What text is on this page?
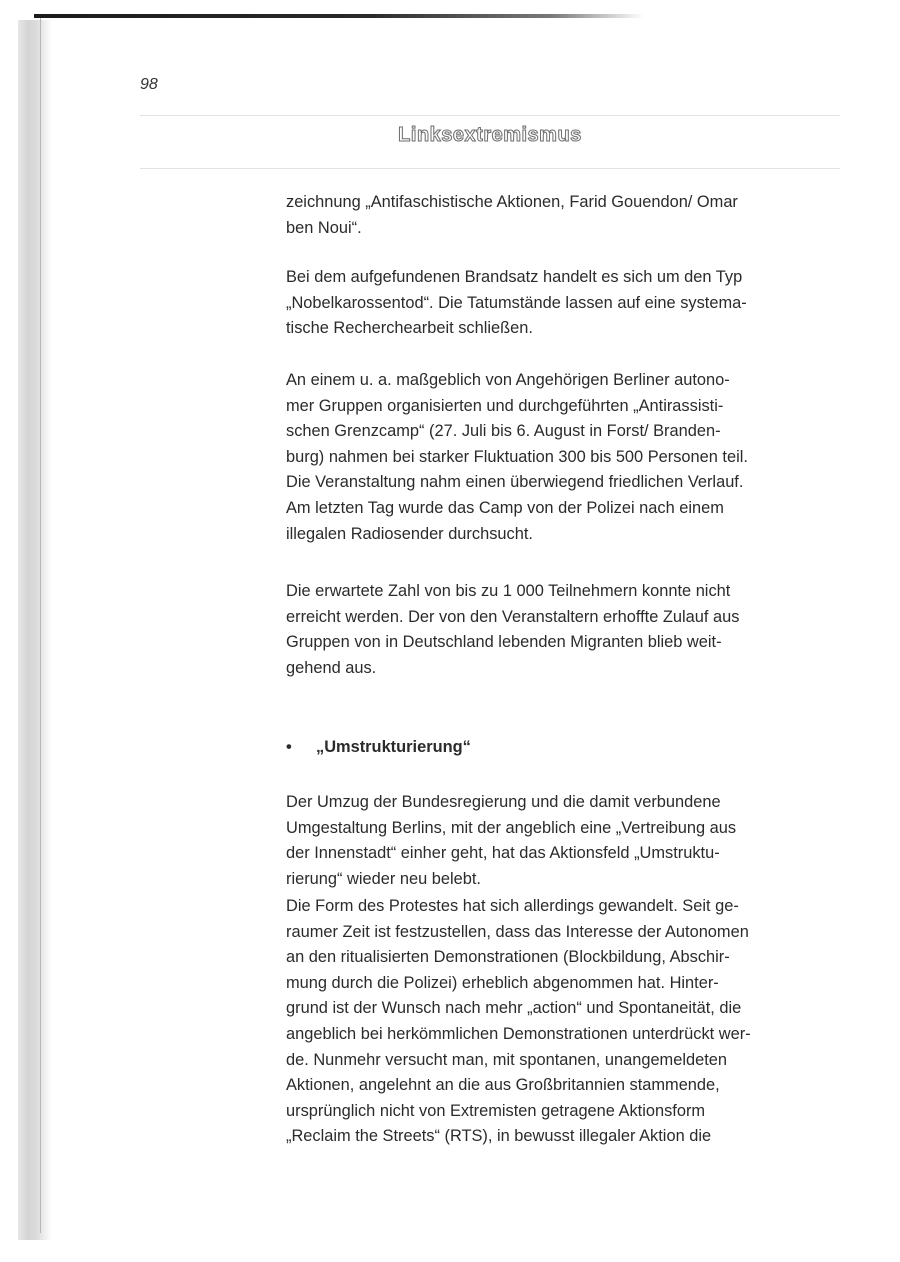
98
Linksextremismus
zeichnung „Antifaschistische Aktionen, Farid Gouendon/ Omar
ben Noui“.
Bei dem aufgefundenen Brandsatz handelt es sich um den Typ
„Nobelkarossentod“. Die Tatumstände lassen auf eine systema-
tische Recherchearbeit schließen.
An einem u. a. maßgeblich von Angehörigen Berliner autono-
mer Gruppen organisierten und durchgeführten „Antirassisti-
schen Grenzcamp“ (27. Juli bis 6. August in Forst/ Branden-
burg) nahmen bei starker Fluktuation 300 bis 500 Personen teil.
Die Veranstaltung nahm einen überwiegend friedlichen Verlauf.
Am letzten Tag wurde das Camp von der Polizei nach einem
illegalen Radiosender durchsucht.
Die erwartete Zahl von bis zu 1 000 Teilnehmern konnte nicht
erreicht werden. Der von den Veranstaltern erhoffte Zulauf aus
Gruppen von in Deutschland lebenden Migranten blieb weit-
gehend aus.
• „Umstrukturierung“
Der Umzug der Bundesregierung und die damit verbundene
Umgestaltung Berlins, mit der angeblich eine „Vertreibung aus
der Innenstadt“ einher geht, hat das Aktionsfeld „Umstruktu-
rierung“ wieder neu belebt.
Die Form des Protestes hat sich allerdings gewandelt. Seit ge-
raumer Zeit ist festzustellen, dass das Interesse der Autonomen
an den ritualisierten Demonstrationen (Blockbildung, Abschir-
mung durch die Polizei) erheblich abgenommen hat. Hinter-
grund ist der Wunsch nach mehr „action“ und Spontaneität, die
angeblich bei herkömmlichen Demonstrationen unterdrückt wer-
de. Nunmehr versucht man, mit spontanen, unangemeldeten
Aktionen, angelehnt an die aus Großbritannien stammende,
ursprünglich nicht von Extremisten getragene Aktionsform
„Reclaim the Streets“ (RTS), in bewusst illegaler Aktion die
